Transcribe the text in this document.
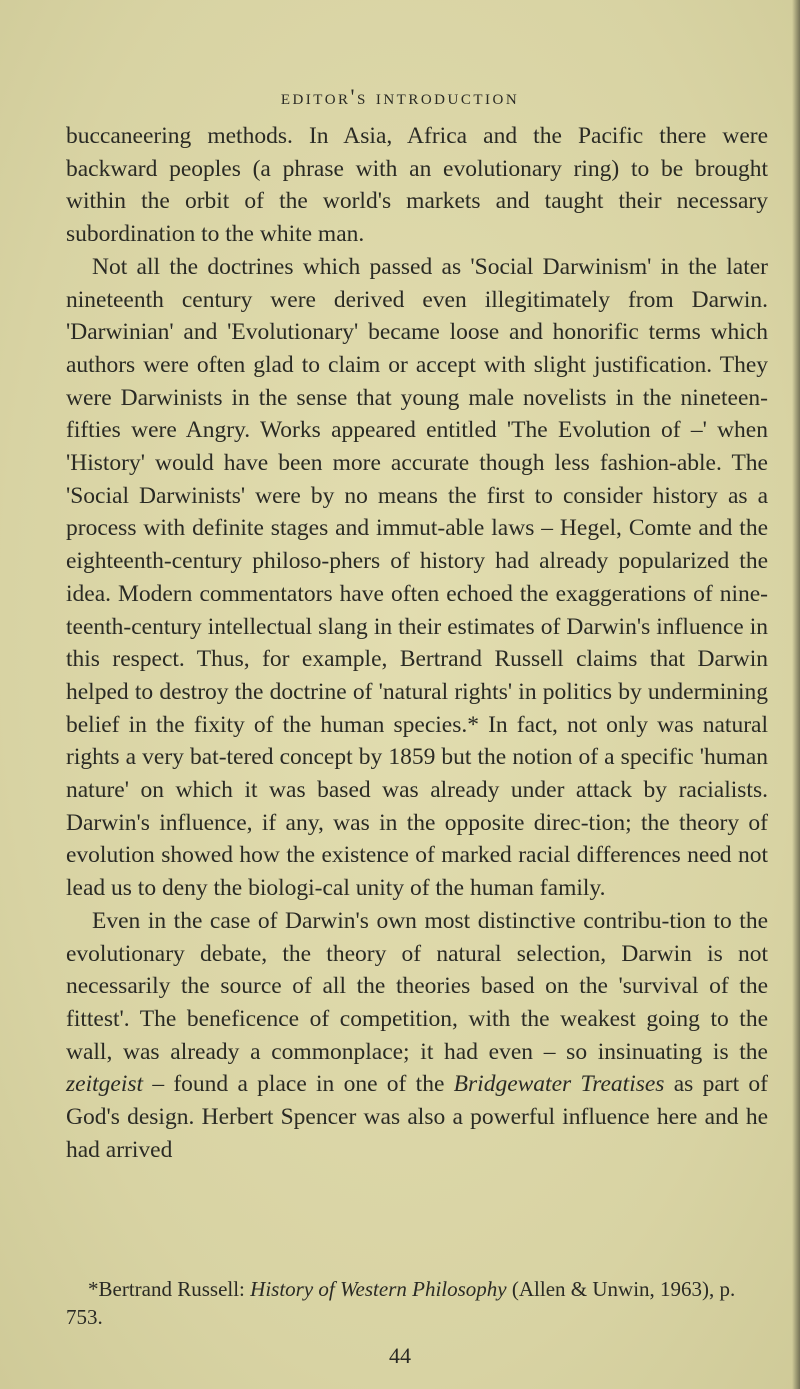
editor's introduction

buccaneering methods. In Asia, Africa and the Pacific there were backward peoples (a phrase with an evolutionary ring) to be brought within the orbit of the world's markets and taught their necessary subordination to the white man.

Not all the doctrines which passed as 'Social Darwinism' in the later nineteenth century were derived even illegitimately from Darwin. 'Darwinian' and 'Evolutionary' became loose and honorific terms which authors were often glad to claim or accept with slight justification. They were Darwinists in the sense that young male novelists in the nineteen-fifties were Angry. Works appeared entitled 'The Evolution of –' when 'History' would have been more accurate though less fashion-able. The 'Social Darwinists' were by no means the first to consider history as a process with definite stages and immut-able laws – Hegel, Comte and the eighteenth-century philoso-phers of history had already popularized the idea. Modern commentators have often echoed the exaggerations of nine-teenth-century intellectual slang in their estimates of Darwin's influence in this respect. Thus, for example, Bertrand Russell claims that Darwin helped to destroy the doctrine of 'natural rights' in politics by undermining belief in the fixity of the human species.* In fact, not only was natural rights a very bat-tered concept by 1859 but the notion of a specific 'human nature' on which it was based was already under attack by racialists. Darwin's influence, if any, was in the opposite direc-tion; the theory of evolution showed how the existence of marked racial differences need not lead us to deny the biologi-cal unity of the human family.

Even in the case of Darwin's own most distinctive contribu-tion to the evolutionary debate, the theory of natural selection, Darwin is not necessarily the source of all the theories based on the 'survival of the fittest'. The beneficence of competition, with the weakest going to the wall, was already a commonplace; it had even – so insinuating is the zeitgeist – found a place in one of the Bridgewater Treatises as part of God's design. Herbert Spencer was also a powerful influence here and he had arrived

*Bertrand Russell: History of Western Philosophy (Allen & Unwin, 1963), p. 753.
44
